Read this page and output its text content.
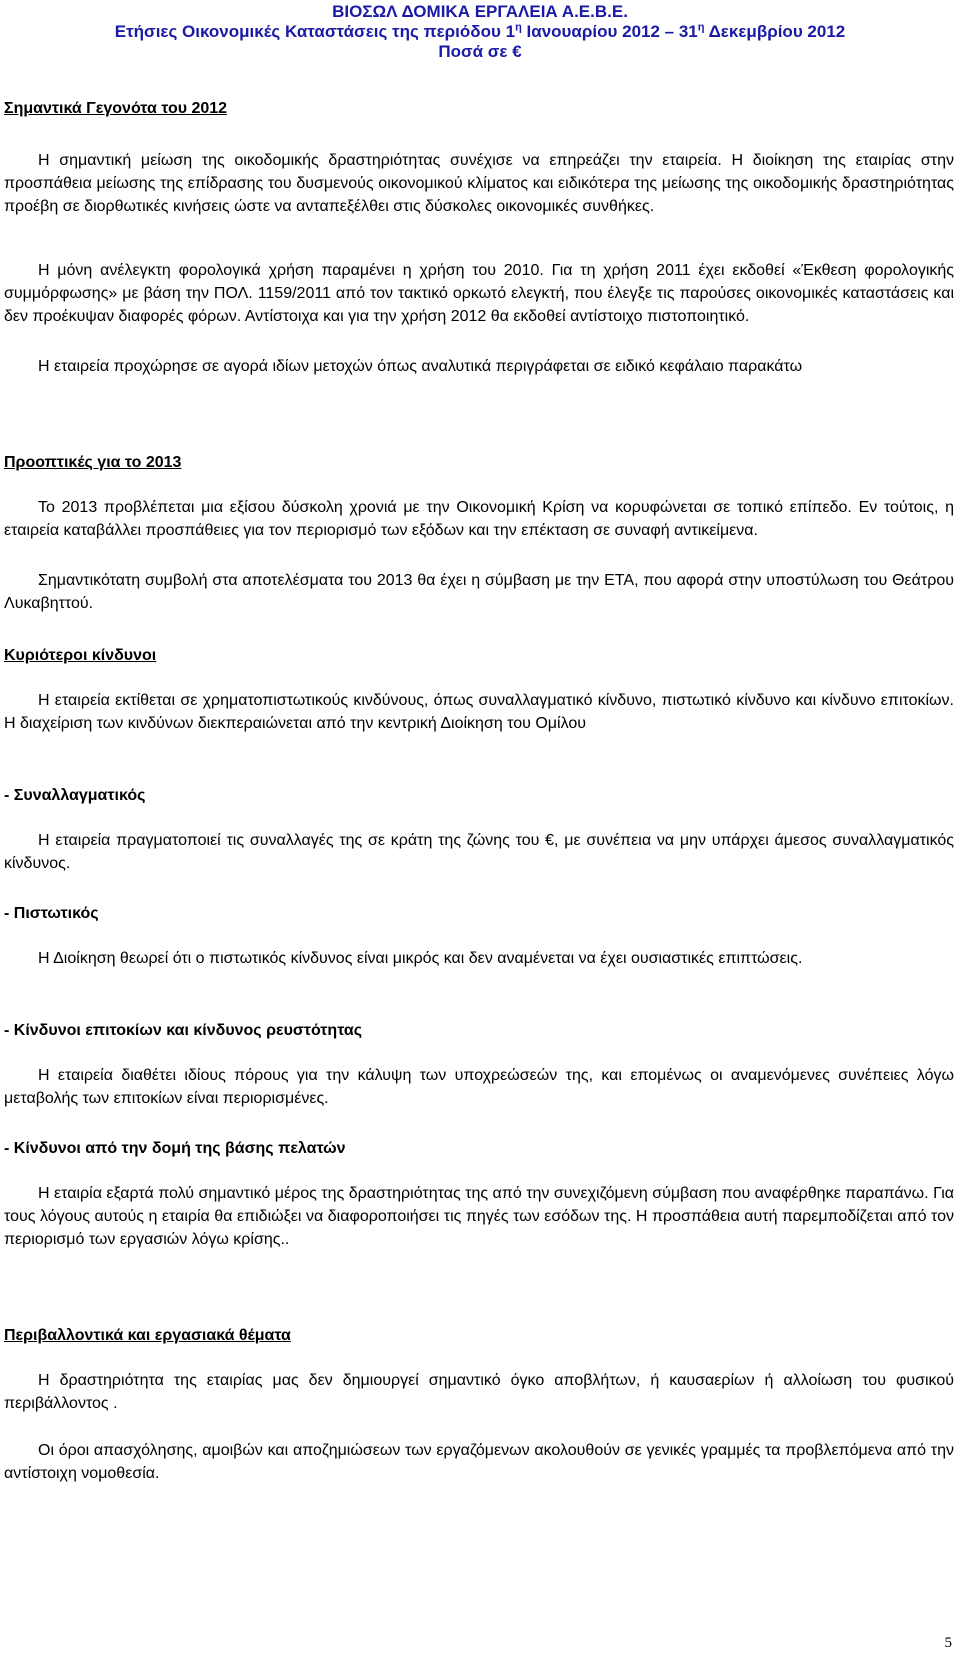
ΒΙΟΣΩΛ ΔΟΜΙΚΑ ΕΡΓΑΛΕΙΑ Α.Ε.Β.Ε.
Ετήσιες Οικονομικές Καταστάσεις της περιόδου $1^\eta$ Ιανουαρίου $2012 - 31^\eta$ Δεκεμβρίου 2012
Ποσά σε €
Σημαντικά Γεγονότα του 2012
Η σημαντική μείωση της οικοδομικής δραστηριότητας συνέχισε να επηρεάζει την εταιρεία. Η διοίκηση της εταιρίας στην προσπάθεια μείωσης της επίδρασης του δυσμενούς οικονομικού κλίματος και ειδικότερα της μείωσης της οικοδομικής δραστηριότητας προέβη σε διορθωτικές κινήσεις ώστε να ανταπεξέλθει στις δύσκολες οικονομικές συνθήκες.
Η μόνη ανέλεγκτη φορολογικά χρήση παραμένει η χρήση του 2010. Για τη χρήση 2011 έχει εκδοθεί «Έκθεση φορολογικής συμμόρφωσης» με βάση την ΠΟΛ. 1159/2011 από τον τακτικό ορκωτό ελεγκτή, που έλεγξε τις παρούσες οικονομικές καταστάσεις και δεν προέκυψαν διαφορές φόρων. Αντίστοιχα και για την χρήση 2012 θα εκδοθεί αντίστοιχο πιστοποιητικό.
Η εταιρεία προχώρησε σε αγορά ιδίων μετοχών όπως αναλυτικά περιγράφεται σε ειδικό κεφάλαιο παρακάτω
Προοπτικές για το 2013
Το 2013 προβλέπεται μια εξίσου δύσκολη χρονιά με την Οικονομική Κρίση να κορυφώνεται σε τοπικό επίπεδο. Εν τούτοις, η εταιρεία καταβάλλει προσπάθειες για τον περιορισμό των εξόδων και την επέκταση σε συναφή αντικείμενα.
Σημαντικότατη συμβολή στα αποτελέσματα του 2013 θα έχει η σύμβαση με την ΕΤΑ, που αφορά στην υποστύλωση του Θεάτρου Λυκαβηττού.
Κυριότεροι κίνδυνοι
Η εταιρεία εκτίθεται σε χρηματοπιστωτικούς κινδύνους, όπως συναλλαγματικό κίνδυνο, πιστωτικό κίνδυνο και κίνδυνο επιτοκίων. Η διαχείριση των κινδύνων διεκπεραιώνεται από την κεντρική Διοίκηση του Ομίλου
- Συναλλαγματικός
Η εταιρεία πραγματοποιεί τις συναλλαγές της σε κράτη της ζώνης του €, με συνέπεια να μην υπάρχει άμεσος συναλλαγματικός κίνδυνος.
- Πιστωτικός
Η Διοίκηση θεωρεί ότι ο πιστωτικός κίνδυνος είναι μικρός και δεν αναμένεται να έχει ουσιαστικές επιπτώσεις.
- Κίνδυνοι επιτοκίων και κίνδυνος ρευστότητας
Η εταιρεία διαθέτει ιδίους πόρους για την κάλυψη των υποχρεώσεών της, και επομένως οι αναμενόμενες συνέπειες λόγω μεταβολής των επιτοκίων είναι περιορισμένες.
- Κίνδυνοι από την δομή της βάσης πελατών
Η εταιρία εξαρτά πολύ σημαντικό μέρος της δραστηριότητας της από την συνεχιζόμενη σύμβαση που αναφέρθηκε παραπάνω. Για τους λόγους αυτούς η εταιρία θα επιδιώξει να διαφοροποιήσει τις πηγές των εσόδων της. Η προσπάθεια αυτή παρεμποδίζεται από τον περιορισμό των εργασιών λόγω κρίσης..
Περιβαλλοντικά και εργασιακά θέματα
Η δραστηριότητα της εταιρίας μας δεν δημιουργεί σημαντικό όγκο αποβλήτων, ή καυσαερίων ή αλλοίωση του φυσικού περιβάλλοντος .
Οι όροι απασχόλησης, αμοιβών και αποζημιώσεων των εργαζόμενων ακολουθούν σε γενικές γραμμές τα προβλεπόμενα από την αντίστοιχη νομοθεσία.
5
